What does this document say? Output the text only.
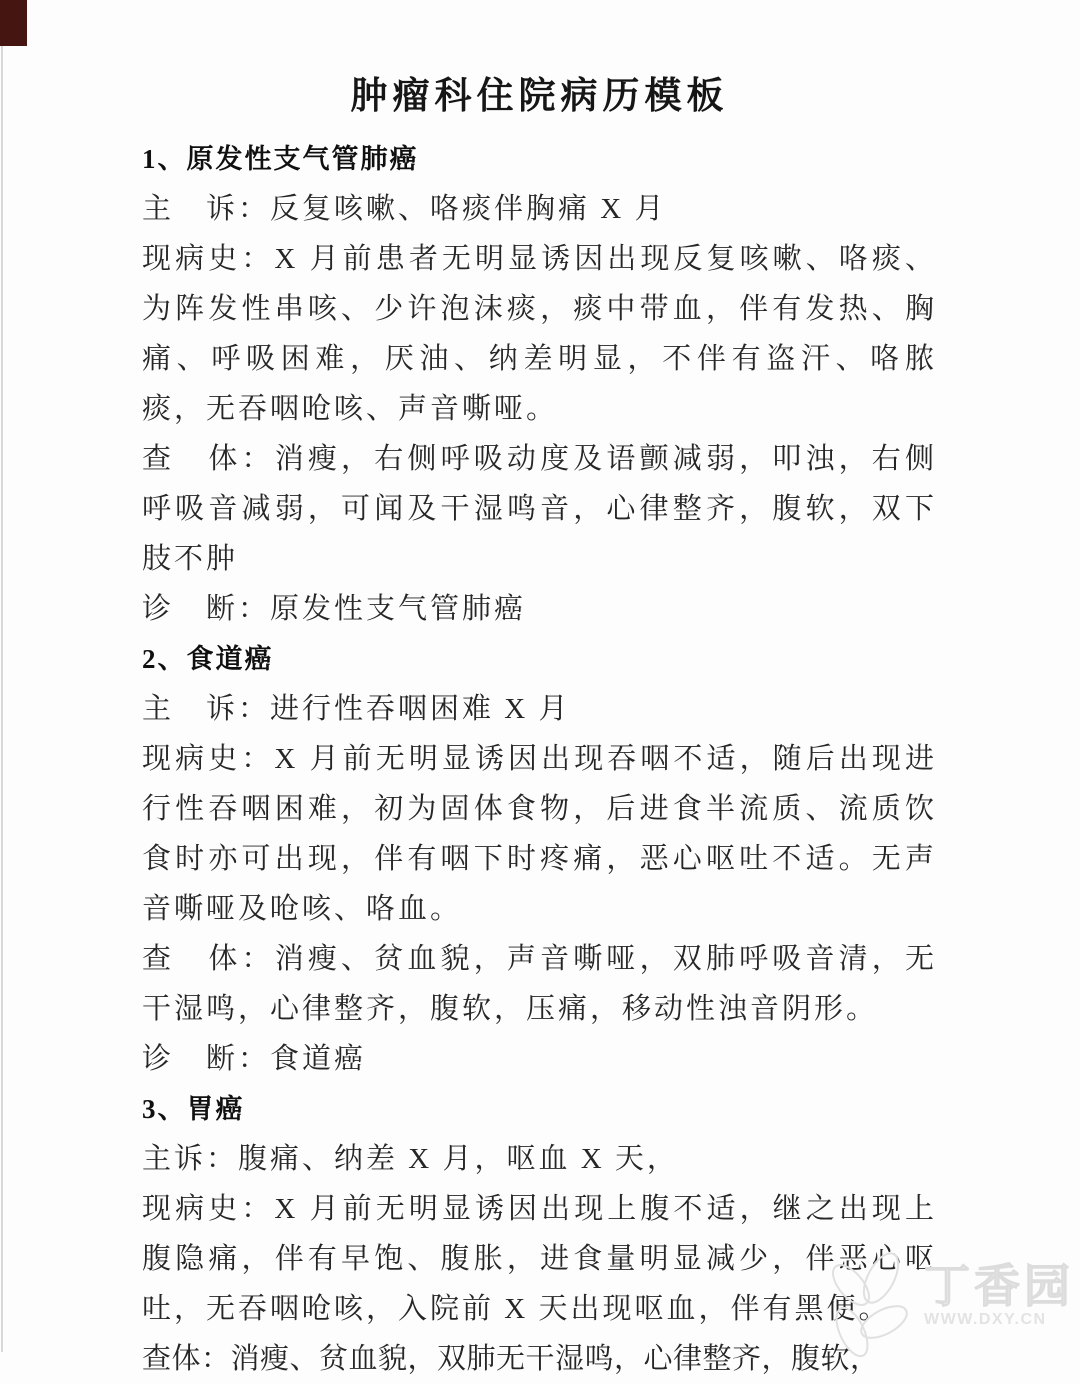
肿瘤科住院病历模板
1、原发性支气管肺癌

主　诉：反复咳嗽、咯痰伴胸痛 X 月

现病史：X 月前患者无明显诱因出现反复咳嗽、咯痰、为阵发性串咳、少许泡沫痰，痰中带血，伴有发热、胸痛、呼吸困难，厌油、纳差明显，不伴有盗汗、咯脓痰，无吞咽呛咳、声音嘶哑。

查　体：消瘦，右侧呼吸动度及语颤减弱，叩浊，右侧呼吸音减弱，可闻及干湿鸣音，心律整齐，腹软，双下肢不肿

诊　断：原发性支气管肺癌

2、食道癌

主　诉：进行性吞咽困难 X 月

现病史：X 月前无明显诱因出现吞咽不适，随后出现进行性吞咽困难，初为固体食物，后进食半流质、流质饮食时亦可出现，伴有咽下时疼痛，恶心呕吐不适。无声音嘶哑及呛咳、咯血。

查　体：消瘦、贫血貌，声音嘶哑，双肺呼吸音清，无干湿鸣，心律整齐，腹软，压痛，移动性浊音阴形。

诊　断：食道癌

3、胃癌

主诉：腹痛、纳差 X 月，呕血 X 天，

现病史：X 月前无明显诱因出现上腹不适，继之出现上腹隐痛，伴有早饱、腹胀，进食量明显减少，伴恶心呕吐，无吞咽呛咳，入院前 X 天出现呕血，伴有黑便。

查体：消瘦、贫血貌，双肺无干湿鸣，心律整齐，腹软，

丁香园
WWW.DXY.CN
